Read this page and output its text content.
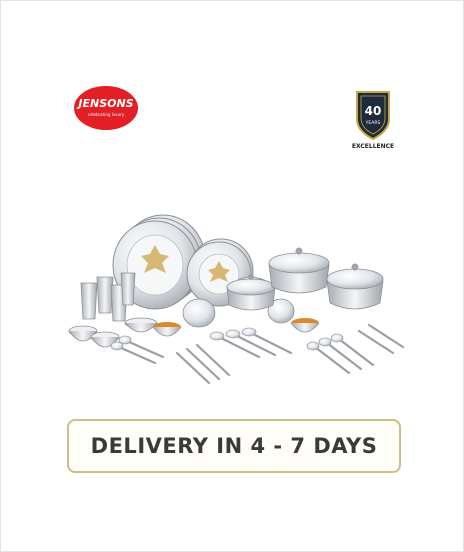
JENSONS
celebrating luxury	40
YEARS
EXCELLENCE
DELIVERY IN 4 - 7 DAYS
